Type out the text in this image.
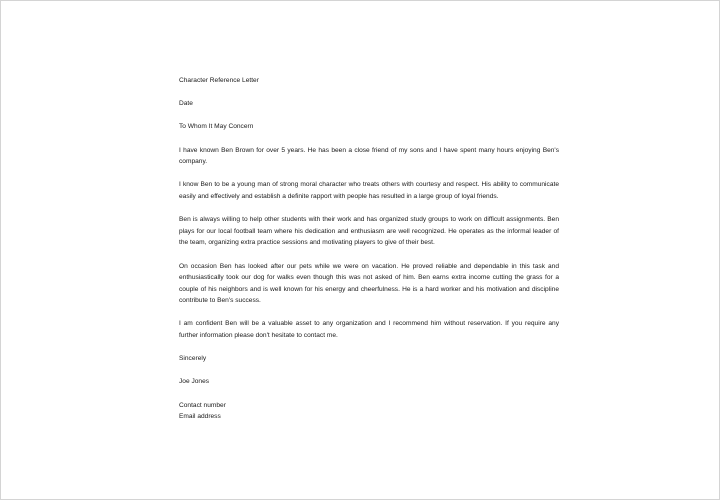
Character Reference Letter

Date

To Whom It May Concern

I have known Ben Brown for over 5 years. He has been a close friend of my sons and I have spent many hours enjoying Ben's company.

I know Ben to be a young man of strong moral character who treats others with courtesy and respect. His ability to communicate easily and effectively and establish a definite rapport with people has resulted in a large group of loyal friends.

Ben is always willing to help other students with their work and has organized study groups to work on difficult assignments. Ben plays for our local football team where his dedication and enthusiasm are well recognized. He operates as the informal leader of the team, organizing extra practice sessions and motivating players to give of their best.

On occasion Ben has looked after our pets while we were on vacation. He proved reliable and dependable in this task and enthusiastically took our dog for walks even though this was not asked of him. Ben earns extra income cutting the grass for a couple of his neighbors and is well known for his energy and cheerfulness. He is a hard worker and his motivation and discipline contribute to Ben's success.

I am confident Ben will be a valuable asset to any organization and I recommend him without reservation. If you require any further information please don't hesitate to contact me.

Sincerely

Joe Jones

Contact number
Email address
